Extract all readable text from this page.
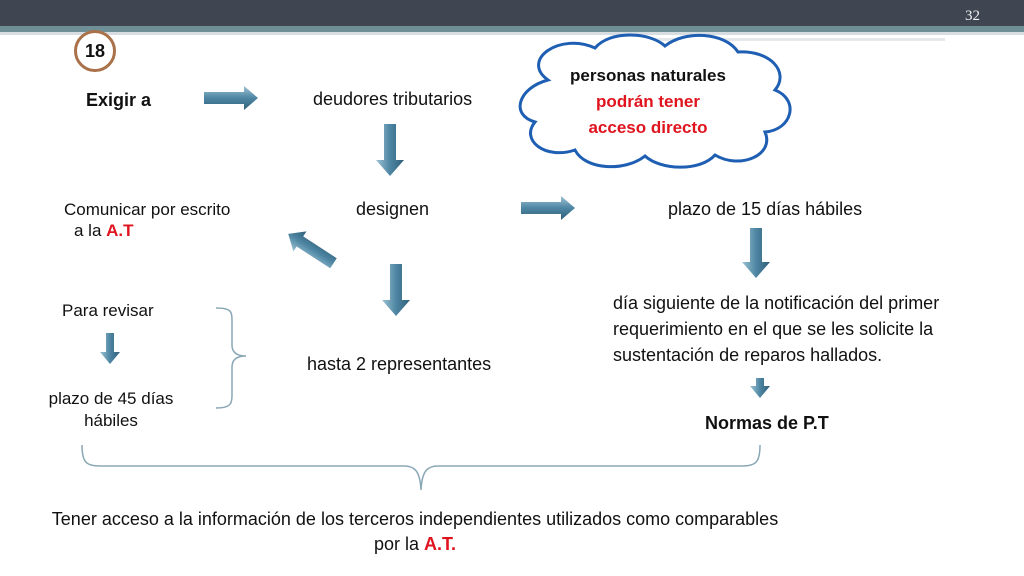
32
18
personas naturales
podrán tener
acceso directo
Exigir a	deudores tributarios
designen	plazo de 15 días hábiles
Comunicar por escrito
a la A.T
Para revisar
plazo de 45 días
hábiles
hasta 2 representantes
día siguiente de la notificación del primer
requerimiento en el que se les solicite la
sustentación de reparos hallados.
Normas de P.T
Tener acceso a la información de los terceros independientes utilizados como comparables
por la A.T.
